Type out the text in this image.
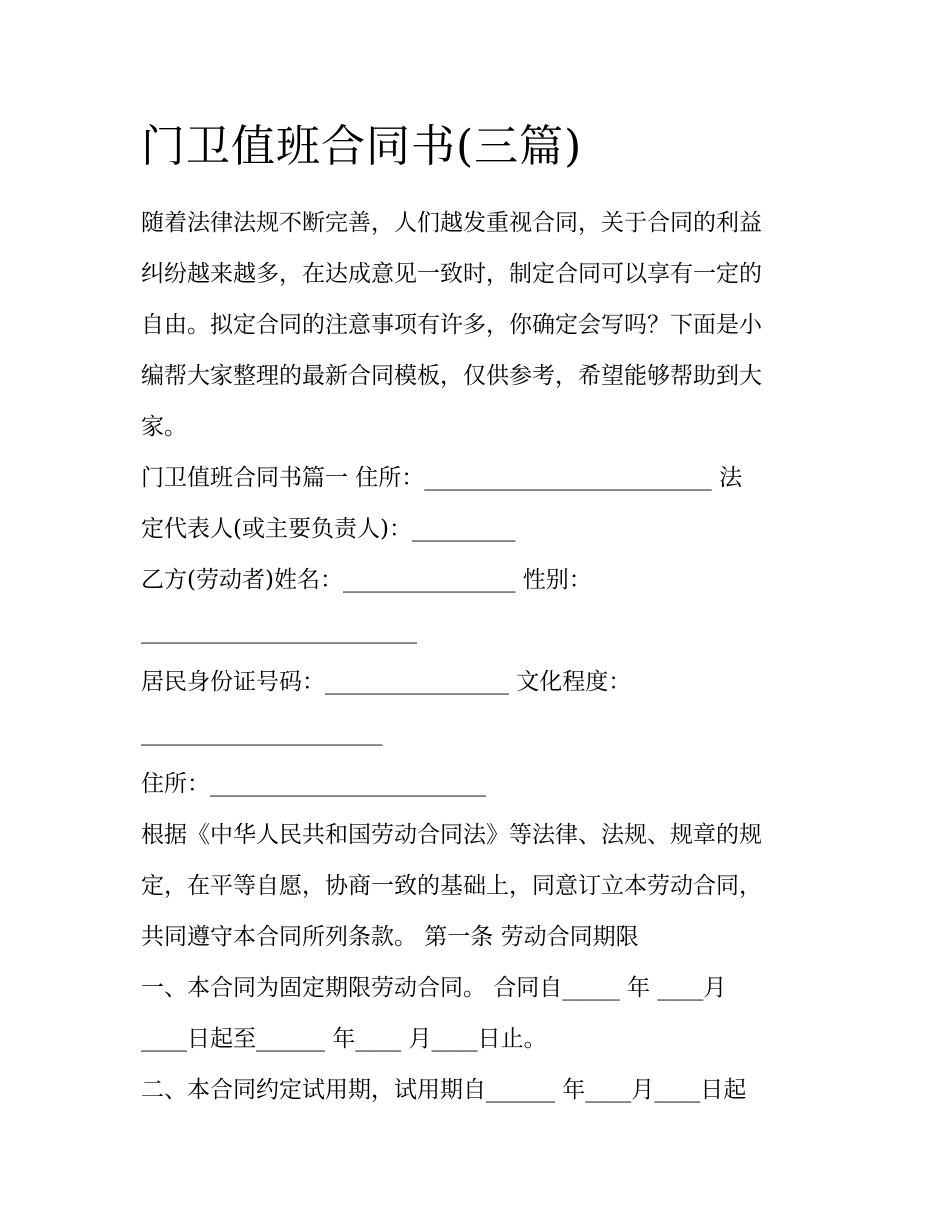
门卫值班合同书(三篇)
随着法律法规不断完善，人们越发重视合同，关于合同的利益
纠纷越来越多，在达成意见一致时，制定合同可以享有一定的
自由。拟定合同的注意事项有许多，你确定会写吗？下面是小
编帮大家整理的最新合同模板，仅供参考，希望能够帮助到大
家。
门卫值班合同书篇一 住所：_________________________ 法
定代表人(或主要负责人)：_________
乙方(劳动者)姓名：_______________ 性别：
________________________
居民身份证号码：________________ 文化程度：
_____________________
住所：________________________
根据《中华人民共和国劳动合同法》等法律、法规、规章的规
定，在平等自愿，协商一致的基础上，同意订立本劳动合同，
共同遵守本合同所列条款。 第一条 劳动合同期限
一、本合同为固定期限劳动合同。 合同自_____ 年 ____月
____日起至______ 年____ 月____日止。
二、本合同约定试用期，试用期自______ 年____月____日起
